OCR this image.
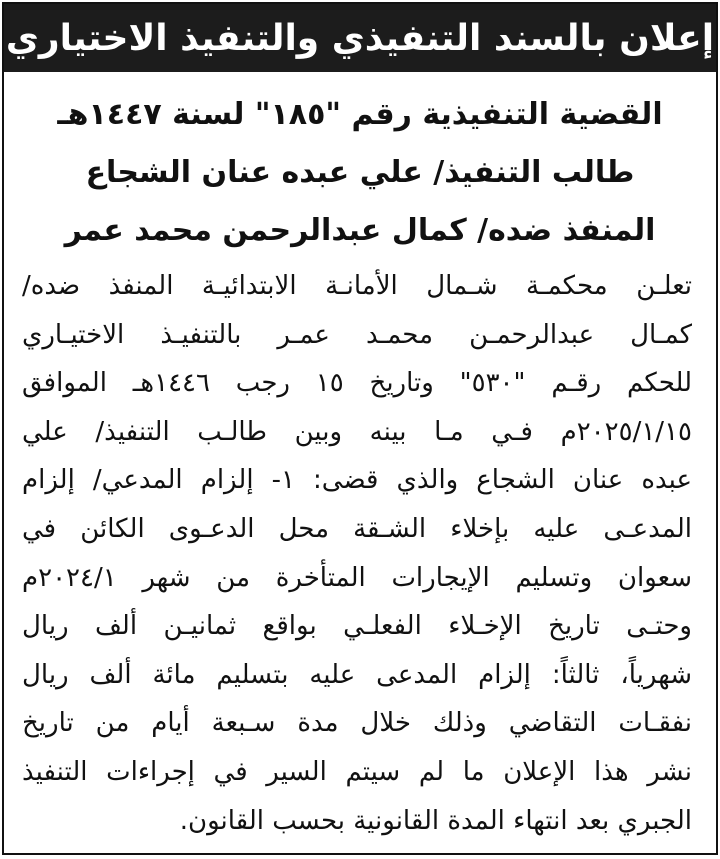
إعلان بالسند التنفيذي والتنفيذ الاختياري
القضية التنفيذية رقم "١٨٥" لسنة ١٤٤٧هـ
طالب التنفيذ/ علي عبده عنان الشجاع
المنفذ ضده/ كمال عبدالرحمن محمد عمر
تعلـن محكمـة شـمال الأمانـة الابتدائيـة المنفذ ضده/
كمـال عبدالرحمـن محمـد عمـر بالتنفيـذ الاختيـاري
للحكم رقـم "٥٣٠" وتاريخ ١٥ رجب ١٤٤٦هـ الموافق
٢٠٢٥/١/١٥م فـي مـا بينه وبين طالـب التنفيذ/ علي
عبده عنان الشجاع والذي قضى: ١- إلزام المدعي/ إلزام
المدعـى عليه بإخلاء الشـقة محل الدعـوى الكائن في
سعوان وتسليم الإيجارات المتأخرة من شهر ٢٠٢٤/١م
وحتـى تاريخ الإخـلاء الفعلـي بواقع ثمانيـن ألف ريال
شهرياً، ثالثاً: إلزام المدعى عليه بتسليم مائة ألف ريال
نفقـات التقاضي وذلك خلال مدة سـبعة أيام من تاريخ
نشر هذا الإعلان ما لم سيتم السير في إجراءات التنفيذ
الجبري بعد انتهاء المدة القانونية بحسب القانون.
